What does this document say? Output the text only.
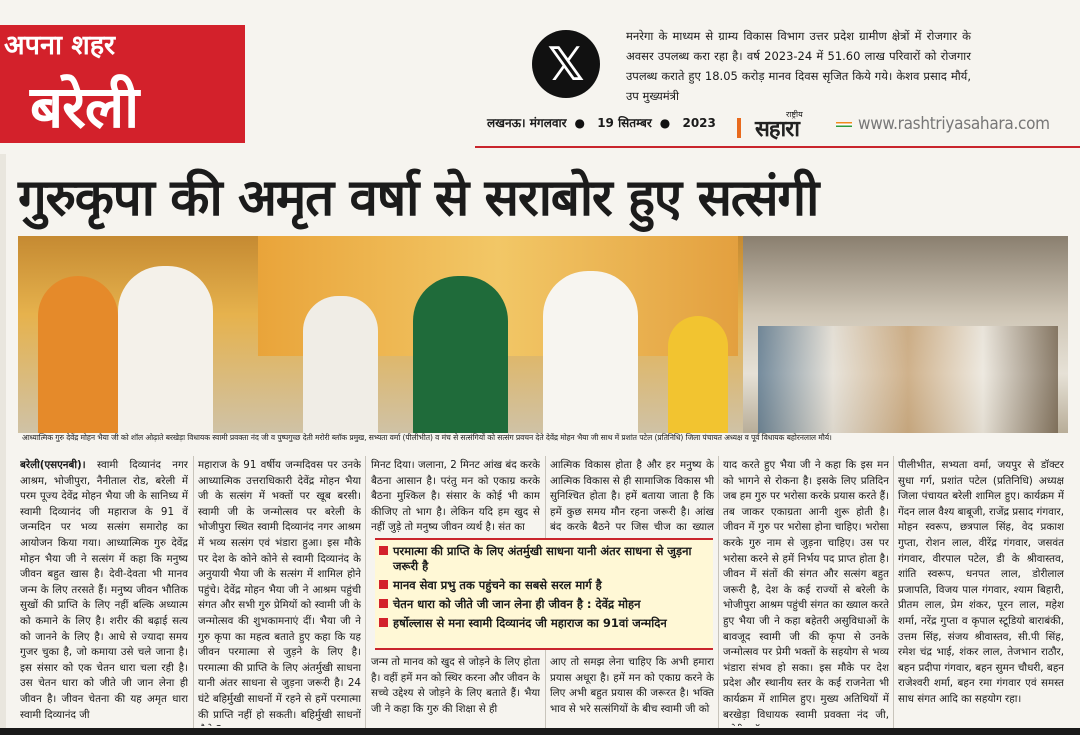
अपना शहर
बरेली
𝕏
मनरेगा के माध्यम से ग्राम्य विकास विभाग उत्तर प्रदेश ग्रामीण क्षेत्रों में रोजगार के अवसर उपलब्ध करा रहा है। वर्ष 2023-24 में 51.60 लाख परिवारों को रोजगार उपलब्ध कराते हुए 18.05 करोड़ मानव दिवस सृजित किये गये। केशव प्रसाद मौर्य, उप मुख्यमंत्री
लखनऊ। मंगलवार ● 19 सितम्बर ● 2023
राष्ट्रीय
सहारा	www.rashtriyasahara.com
गुरुकृपा की अमृत वर्षा से सराबोर हुए सत्संगी
आध्यात्मिक गुरु देवेंद्र मोहन भैया जी को शॉल ओढ़ाते बरखेड़ा विधायक स्वामी प्रवक्ता नंद जी व पुष्पगुच्छ देती मरोरी ब्लॉक प्रमुख, सभ्यता वर्मा (पीलीभीत) व मंच से सत्संगियों को सत्संग प्रवचन देते देवेंद्र मोहन भैया जी साथ में प्रशांत पटेल (प्रतिनिधि) जिला पंचायत अध्यक्ष व पूर्व विधायक बहोरनलाल मौर्य।
बरेली(एसएनबी)। स्वामी दिव्यानंद नगर आश्रम, भोजीपुरा, नैनीताल रोड, बरेली में परम पूज्य देवेंद्र मोहन भैया जी के सानिध्य में स्वामी दिव्यानंद जी महाराज के 91 वें जन्मदिन पर भव्य सत्संग समारोह का आयोजन किया गया। आध्यात्मिक गुरु देवेंद्र मोहन भैया जी ने सत्संग में कहा कि मनुष्य जीवन बहुत खास है। देवी-देवता भी मानव जन्म के लिए तरसते हैं। मनुष्य जीवन भौतिक सुखों की प्राप्ति के लिए नहीं बल्कि अध्यात्म को कमाने के लिए है। शरीर की बढ़ाई सत्य को जानने के लिए है। आधे से ज्यादा समय गुजर चुका है, जो कमाया उसे चले जाना है। इस संसार को एक चेतन धारा चला रही है। उस चेतन धारा को जीते जी जान लेना ही जीवन है। जीवन चेतना की यह अमृत धारा स्वामी दिव्यानंद जी
महाराज के 91 वर्षीय जन्मदिवस पर उनके आध्यात्मिक उत्तराधिकारी देवेंद्र मोहन भैया जी के सत्संग में भक्तों पर खूब बरसी। स्वामी जी के जन्मोत्सव पर बरेली के भोजीपुरा स्थित स्वामी दिव्यानंद नगर आश्रम में भव्य सत्संग एवं भंडारा हुआ। इस मौके पर देश के कोने कोने से स्वामी दिव्यानंद के अनुयायी भैया जी के सत्संग में शामिल होने पहुंचे। देवेंद्र मोहन भैया जी ने आश्रम पहुंची संगत और सभी गुरु प्रेमियों को स्वामी जी के जन्मोत्सव की शुभकामनाएं दीं। भैया जी ने गुरु कृपा का महत्व बताते हुए कहा कि यह जीवन परमात्मा से जुड़ने के लिए है। परमात्मा की प्राप्ति के लिए अंतर्मुखी साधना यानी अंतर साधना से जुड़ना जरूरी है। 24 घंटे बहिर्मुखी साधनों में रहने से हमें परमात्मा की प्राप्ति नहीं हो सकती। बहिर्मुखी साधनों
मिनट दिया। जलाना, 2 मिनट आंख बंद करके बैठना आसान है। परंतु मन को एकाग्र करके बैठना मुश्किल है। संसार के कोई भी काम कीजिए तो भाग है। लेकिन यदि हम खुद से नहीं जुड़े तो मनुष्य जीवन व्यर्थ है। संत का
आत्मिक विकास होता है और हर मनुष्य के आत्मिक विकास से ही सामाजिक विकास भी सुनिश्चित होता है। हमें बताया जाता है कि हमें कुछ समय मौन रहना जरूरी है। आंख बंद करके बैठने पर जिस चीज का ख्याल
परमात्मा की प्राप्ति के लिए अंतर्मुखी साधना यानी अंतर साधना से जुड़ना जरूरी है
मानव सेवा प्रभु तक पहुंचने का सबसे सरल मार्ग है
चेतन धारा को जीते जी जान लेना ही जीवन है : देवेंद्र मोहन
हर्षोल्लास से मना स्वामी दिव्यानंद जी महाराज का 91वां जन्मदिन
जन्म तो मानव को खुद से जोड़ने के लिए होता है। वहीं हमें मन को स्थिर करना और जीवन के सच्चे उद्देश्य से जोड़ने के लिए बताते हैं। भैया जी ने कहा कि गुरु की शिक्षा से ही
आए तो समझ लेना चाहिए कि अभी हमारा प्रयास अधूरा है। हमें मन को एकाग्र करने के लिए अभी बहुत प्रयास की जरूरत है। भक्ति भाव से भरे सत्संगियों के बीच स्वामी जी को
याद करते हुए भैया जी ने कहा कि इस मन को भागने से रोकना है। इसके लिए प्रतिदिन जब हम गुरु पर भरोसा करके प्रयास करते हैं। तब जाकर एकाग्रता आनी शुरू होती है। जीवन में गुरु पर भरोसा होना चाहिए। भरोसा करके गुरु नाम से जुड़ना चाहिए। उस पर भरोसा करने से हमें निर्भय पद प्राप्त होता है। जीवन में संतों की संगत और सत्संग बहुत जरूरी है, देश के कई राज्यों से बरेली के भोजीपुरा आश्रम पहुंची संगत का ख्याल करते हुए भैया जी ने कहा बहेतरी असुविधाओं के बावजूद स्वामी जी की कृपा से उनके जन्मोत्सव पर प्रेमी भक्तों के सहयोग से भव्य भंडारा संभव हो सका। इस मौके पर देश प्रदेश और स्थानीय स्तर के कई राजनेता भी कार्यक्रम में शामिल हुए। मुख्य अतिथियों में बरखेड़ा विधायक स्वामी प्रवक्ता नंद जी,
पीलीभीत, सभ्यता वर्मा, जयपुर से डॉक्टर सुधा गर्ग, प्रशांत पटेल (प्रतिनिधि) अध्यक्ष जिला पंचायत बरेली शामिल हुए। कार्यक्रम में गेंदन लाल वैश्य बाबूजी, राजेंद्र प्रसाद गंगवार, मोहन स्वरूप, छत्रपाल सिंह, वेद प्रकाश गुप्ता, रोशन लाल, वीरेंद्र गंगवार, जसवंत गंगवार, वीरपाल पटेल, डी के श्रीवास्तव, शांति स्वरूप, धनपत लाल, डोरीलाल प्रजापति, विजय पाल गंगवार, श्याम बिहारी, प्रीतम लाल, प्रेम शंकर, पूरन लाल, महेश शर्मा, नरेंद्र गुप्ता व कृपाल स्टूडियो बाराबंकी, उत्तम सिंह, संजय श्रीवास्तव, सी.पी सिंह, रमेश चंद्र भाई, शंकर लाल, तेजभान राठौर, बहन प्रदीपा गंगवार, बहन सुमन चौधरी, बहन राजेश्वरी शर्मा, बहन रमा गंगवार एवं समस्त साध संगत आदि का सहयोग रहा।
